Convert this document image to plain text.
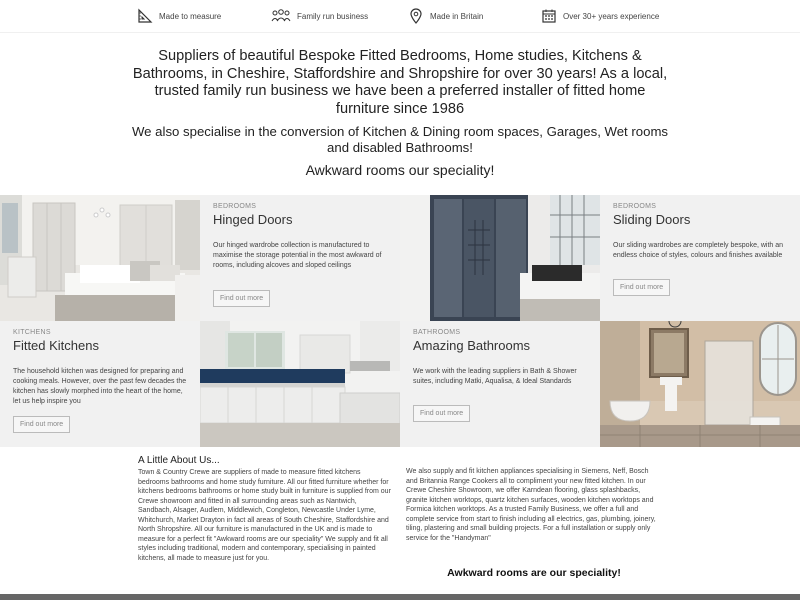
Made to measure	Family run business	Made in Britain	Over 30+ years experience
Suppliers of beautiful Bespoke Fitted Bedrooms, Home studies, Kitchens & Bathrooms, in Cheshire, Staffordshire and Shropshire for over 30 years! As a local, trusted family run business we have been a preferred installer of fitted home furniture since 1986
We also specialise in the conversion of Kitchen & Dining room spaces, Garages, Wet rooms and disabled Bathrooms!
Awkward rooms our speciality!
BEDROOMS
Hinged Doors
Our hinged wardrobe collection is manufactured to maximise the storage potential in the most awkward of rooms, including alcoves and sloped ceilings
Find out more
BEDROOMS
Sliding Doors
Our sliding wardrobes are completely bespoke, with an endless choice of styles, colours and finishes available
Find out more
KITCHENS
Fitted Kitchens
The household kitchen was designed for preparing and cooking meals. However, over the past few decades the kitchen has slowly morphed into the heart of the home, let us help inspire you
Find out more
BATHROOMS
Amazing Bathrooms
We work with the leading suppliers in Bath & Shower suites, including Matki, Aqualisa, & Ideal Standards
Find out more
A Little About Us...
Town & Country Crewe are suppliers of made to measure fitted kitchens bedrooms bathrooms and home study furniture. All our fitted furniture whether for kitchens bedrooms bathrooms or home study built in furniture is supplied from our Crewe showroom and fitted in all surrounding areas such as Nantwich, Sandbach, Alsager, Audlem, Middlewich, Congleton, Newcastle Under Lyme, Whitchurch, Market Drayton in fact all areas of South Cheshire, Staffordshire and North Shropshire. All our furniture is manufactured in the UK and is made to measure for a perfect fit "Awkward rooms are our speciality" We supply and fit all styles including traditional, modern and contemporary, specialising in painted kitchens, all made to measure just for you.
We also supply and fit kitchen appliances specialising in Siemens, Neff, Bosch and Britannia Range Cookers all to compliment your new fitted kitchen. In our Crewe Cheshire Showroom, we offer Karndean flooring, glass splashbacks, granite kitchen worktops, quartz kitchen surfaces, wooden kitchen worktops and Formica kitchen worktops. As a trusted Family Business, we offer a full and complete service from start to finish including all electrics, gas, plumbing, joinery, tiling, plastering and small building projects. For a full installation or supply only service for the "Handyman"
Awkward rooms are our speciality!
